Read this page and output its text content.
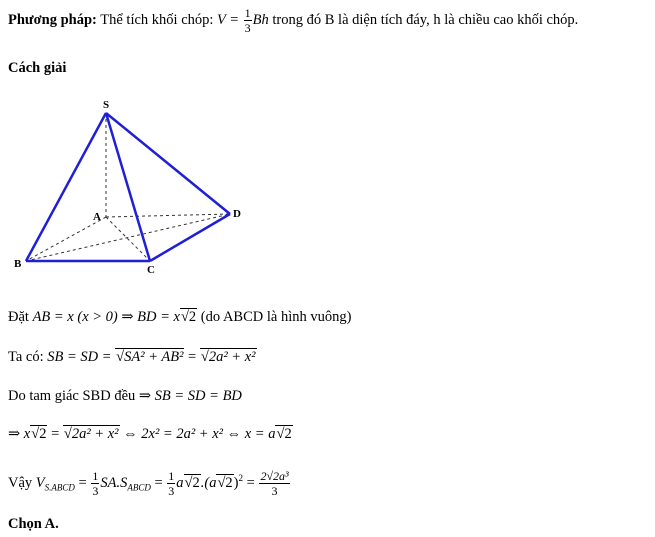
Phương pháp: Thể tích khối chóp: $V = \frac{1}{3}$ Bh trong đó B là diện tích đáy, h là chiều cao khối chóp.
Cách giải
S
A
B	C
D
Đặt AB = x (x > 0) ⇒ BD = x√2 (do ABCD là hình vuông)
Ta có: SB = SD = √SA² + AB² = √2a² + x²
Do tam giác SBD đều ⇒ SB = SD = BD
⇒ x√2 = √2a² + x² ⇔ 2x² = 2a² + x² ⇔ x = a√2
Vậy $V_{S.ABCD} = \frac{1}{3} SA.S_{ABCD} = \frac{1}{3} a√2.(a√2)^2 = \frac{\text{2√2a³}}{3}$
Chọn A.
